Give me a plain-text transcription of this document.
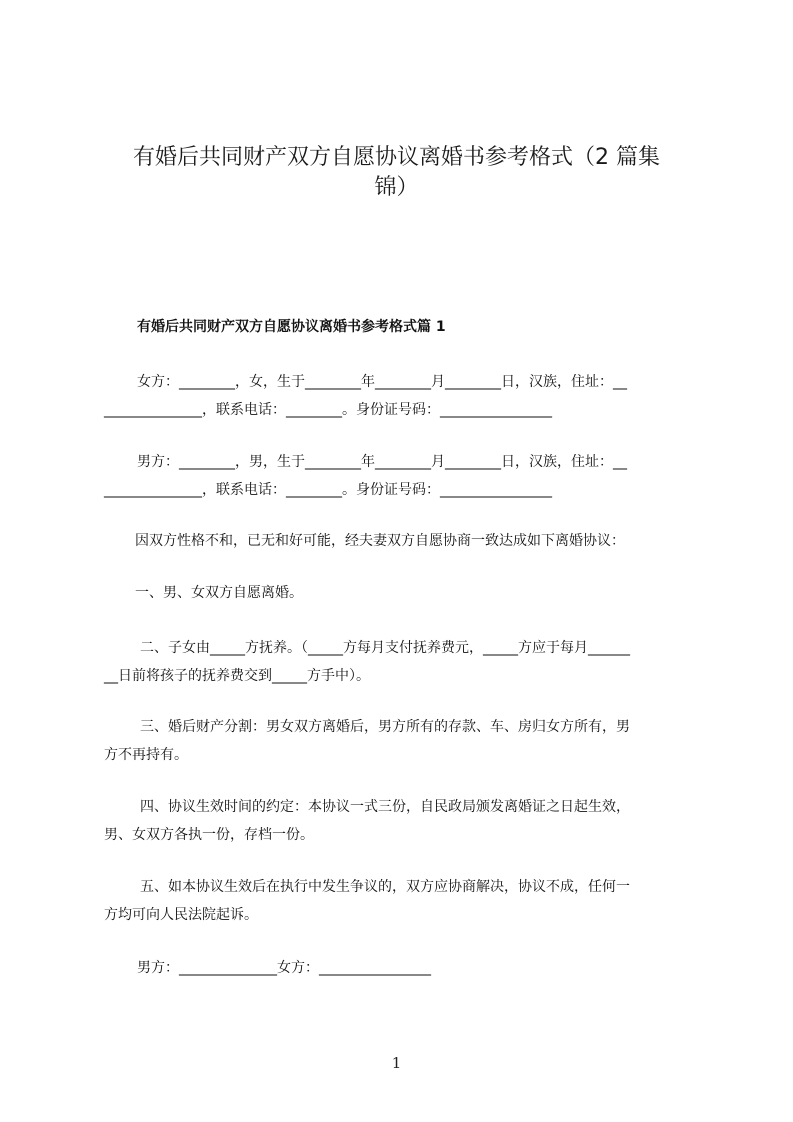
有婚后共同财产双方自愿协议离婚书参考格式（2 篇集
锦）
有婚后共同财产双方自愿协议离婚书参考格式篇 1
女方：________，女，生于________年________月________日，汉族，住址：__
______________，联系电话：________。身份证号码：________________
男方：________，男，生于________年________月________日，汉族，住址：__
______________，联系电话：________。身份证号码：________________
因双方性格不和，已无和好可能，经夫妻双方自愿协商一致达成如下离婚协议：
一、男、女双方自愿离婚。
二、子女由_____方抚养。（_____方每月支付抚养费元，_____方应于每月______
__日前将孩子的抚养费交到_____方手中）。
三、婚后财产分割：男女双方离婚后，男方所有的存款、车、房归女方所有，男
方不再持有。
四、协议生效时间的约定：本协议一式三份，自民政局颁发离婚证之日起生效，
男、女双方各执一份，存档一份。
五、如本协议生效后在执行中发生争议的，双方应协商解决，协议不成，任何一
方均可向人民法院起诉。
男方：______________女方：________________
1
